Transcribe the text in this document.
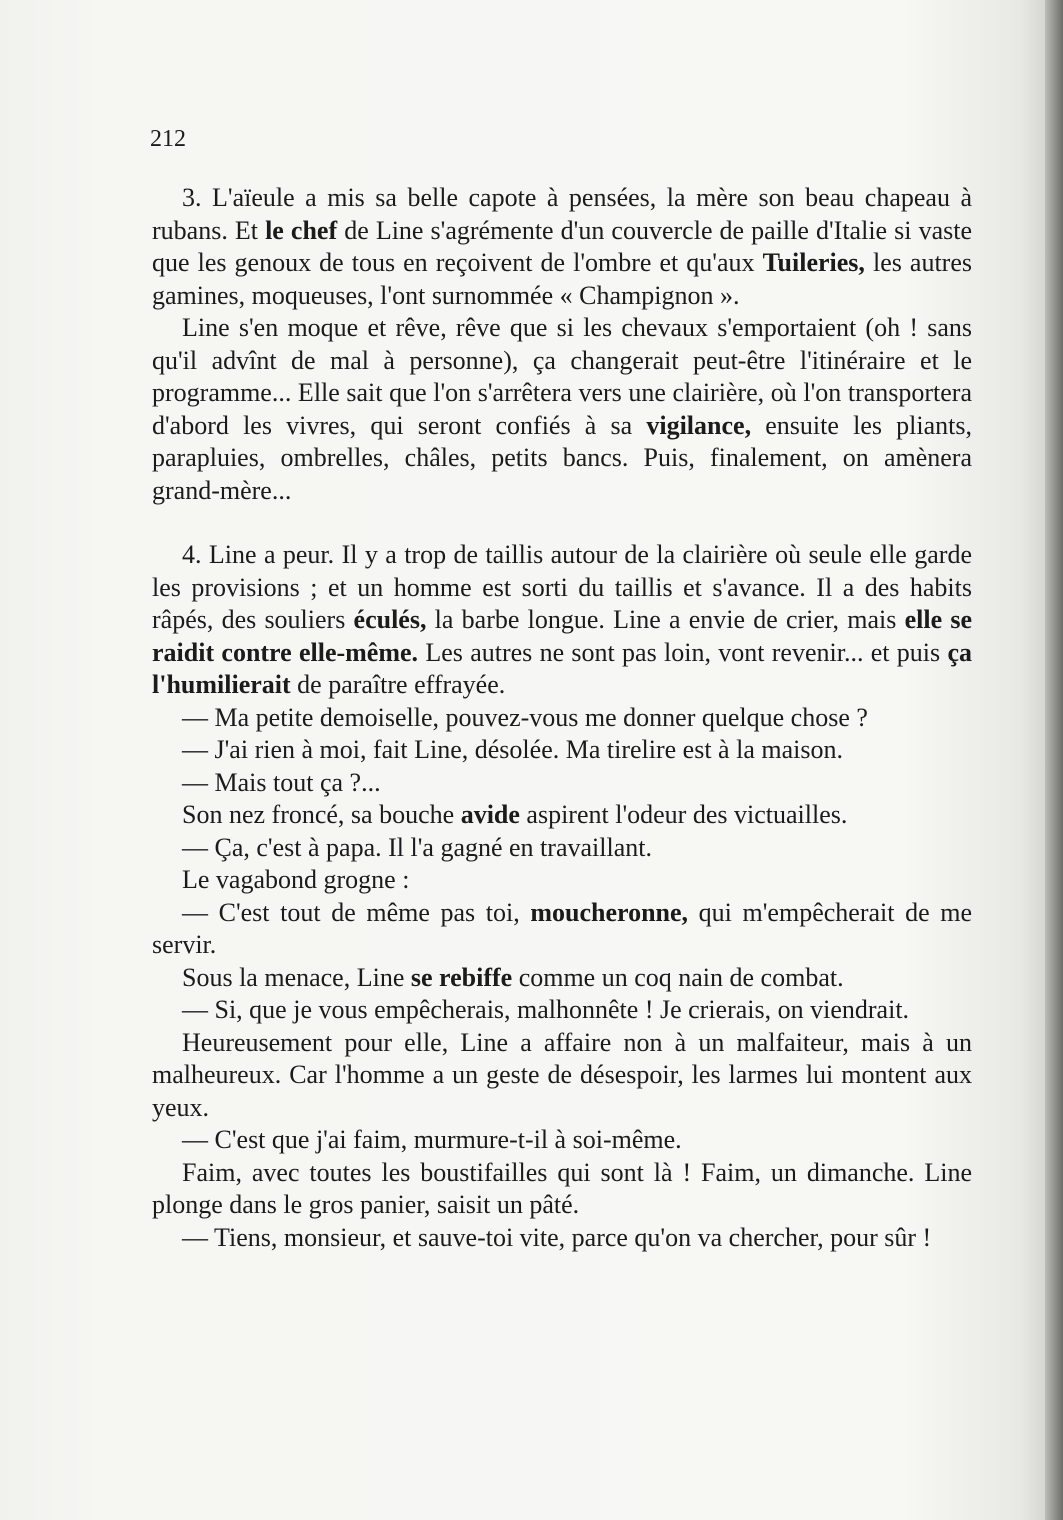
212

3. L'aïeule a mis sa belle capote à pensées, la mère son beau chapeau à rubans. Et le chef de Line s'agrémente d'un couvercle de paille d'Italie si vaste que les genoux de tous en reçoivent de l'ombre et qu'aux Tuileries, les autres gamines, moqueuses, l'ont surnommée « Champignon ».

Line s'en moque et rêve, rêve que si les chevaux s'emportaient (oh ! sans qu'il advînt de mal à personne), ça changerait peut-être l'itinéraire et le programme... Elle sait que l'on s'arrêtera vers une clairière, où l'on transportera d'abord les vivres, qui seront confiés à sa vigilance, ensuite les pliants, parapluies, ombrelles, châles, petits bancs. Puis, finalement, on amènera grand-mère...

4. Line a peur. Il y a trop de taillis autour de la clairière où seule elle garde les provisions ; et un homme est sorti du taillis et s'avance. Il a des habits râpés, des souliers éculés, la barbe longue. Line a envie de crier, mais elle se raidit contre elle-même. Les autres ne sont pas loin, vont revenir... et puis ça l'humilierait de paraître effrayée.

— Ma petite demoiselle, pouvez-vous me donner quelque chose ?

— J'ai rien à moi, fait Line, désolée. Ma tirelire est à la maison.

— Mais tout ça ?...

Son nez froncé, sa bouche avide aspirent l'odeur des victuailles.

— Ça, c'est à papa. Il l'a gagné en travaillant.

Le vagabond grogne :

— C'est tout de même pas toi, moucheronne, qui m'empêcherait de me servir.

Sous la menace, Line se rebiffe comme un coq nain de combat.

— Si, que je vous empêcherais, malhonnête ! Je crierais, on viendrait.

Heureusement pour elle, Line a affaire non à un malfaiteur, mais à un malheureux. Car l'homme a un geste de désespoir, les larmes lui montent aux yeux.

— C'est que j'ai faim, murmure-t-il à soi-même.

Faim, avec toutes les boustifailles qui sont là ! Faim, un dimanche. Line plonge dans le gros panier, saisit un pâté.

— Tiens, monsieur, et sauve-toi vite, parce qu'on va chercher, pour sûr !
